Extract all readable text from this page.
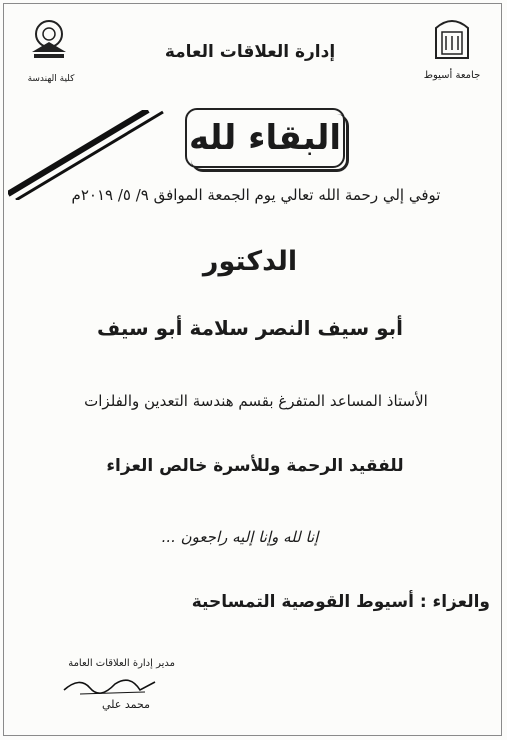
جامعة أسيوط
كلية الهندسة
إدارة العلاقات العامة
البقاء لله
توفي إلي رحمة الله تعالي يوم الجمعة الموافق ٩/ ٥/ ٢٠١٩م
الدكتور
أبو سيف النصر سلامة أبو سيف
الأستاذ المساعد المتفرغ بقسم هندسة التعدين والفلزات
للفقيد الرحمة وللأسرة خالص العزاء
إنا لله وإنا إليه راجعون ...
والعزاء : أسيوط القوصية التمساحية
مدير إدارة العلاقات العامة
محمد علي
